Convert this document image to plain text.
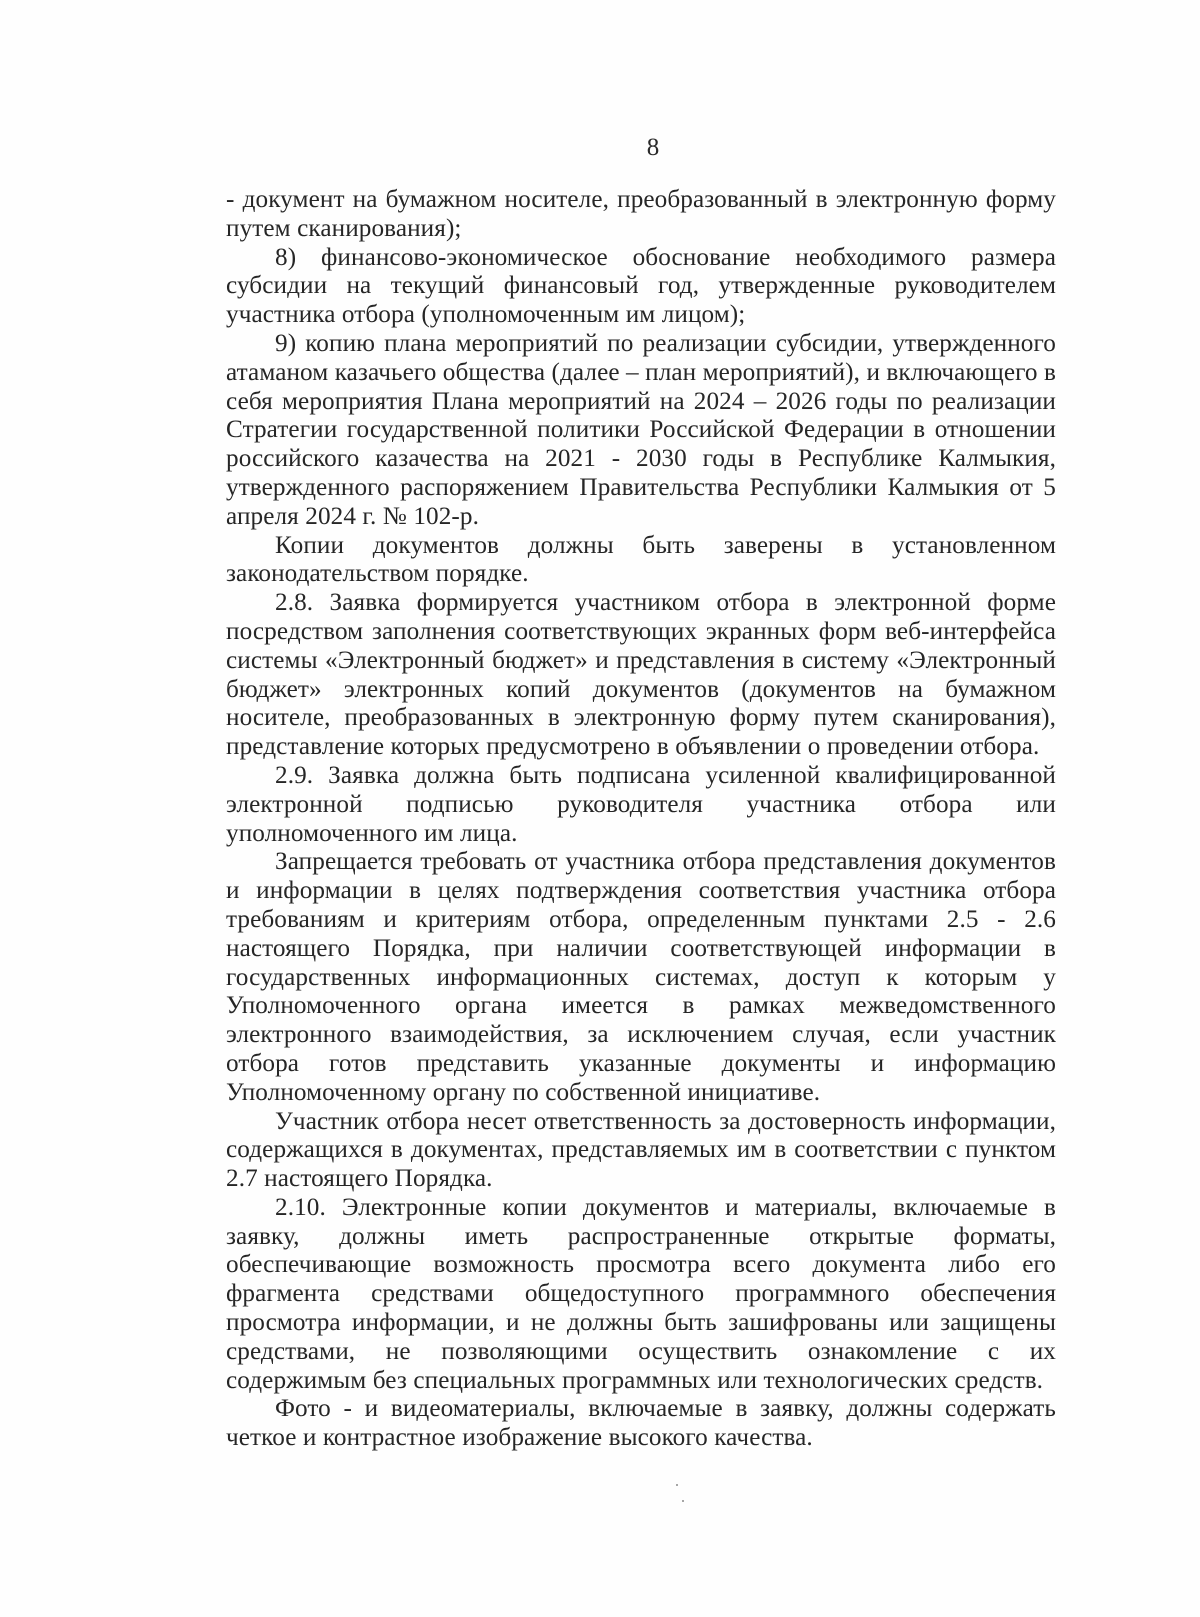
8

- документ на бумажном носителе, преобразованный в электронную форму путем сканирования);

8) финансово-экономическое обоснование необходимого размера субсидии на текущий финансовый год, утвержденные руководителем участника отбора (уполномоченным им лицом);

9) копию плана мероприятий по реализации субсидии, утвержденного атаманом казачьего общества (далее – план мероприятий), и включающего в себя мероприятия Плана мероприятий на 2024 – 2026 годы по реализации Стратегии государственной политики Российской Федерации в отношении российского казачества на 2021 - 2030 годы в Республике Калмыкия, утвержденного распоряжением Правительства Республики Калмыкия от 5 апреля 2024 г. № 102-р.

Копии документов должны быть заверены в установленном законодательством порядке.

2.8. Заявка формируется участником отбора в электронной форме посредством заполнения соответствующих экранных форм веб-интерфейса системы «Электронный бюджет» и представления в систему «Электронный бюджет» электронных копий документов (документов на бумажном носителе, преобразованных в электронную форму путем сканирования), представление которых предусмотрено в объявлении о проведении отбора.

2.9. Заявка должна быть подписана усиленной квалифицированной электронной подписью руководителя участника отбора или уполномоченного им лица.

Запрещается требовать от участника отбора представления документов и информации в целях подтверждения соответствия участника отбора требованиям и критериям отбора, определенным пунктами 2.5 - 2.6 настоящего Порядка, при наличии соответствующей информации в государственных информационных системах, доступ к которым у Уполномоченного органа имеется в рамках межведомственного электронного взаимодействия, за исключением случая, если участник отбора готов представить указанные документы и информацию Уполномоченному органу по собственной инициативе.

Участник отбора несет ответственность за достоверность информации, содержащихся в документах, представляемых им в соответствии с пунктом 2.7 настоящего Порядка.

2.10. Электронные копии документов и материалы, включаемые в заявку, должны иметь распространенные открытые форматы, обеспечивающие возможность просмотра всего документа либо его фрагмента средствами общедоступного программного обеспечения просмотра информации, и не должны быть зашифрованы или защищены средствами, не позволяющими осуществить ознакомление с их содержимым без специальных программных или технологических средств.

Фото - и видеоматериалы, включаемые в заявку, должны содержать четкое и контрастное изображение высокого качества.
